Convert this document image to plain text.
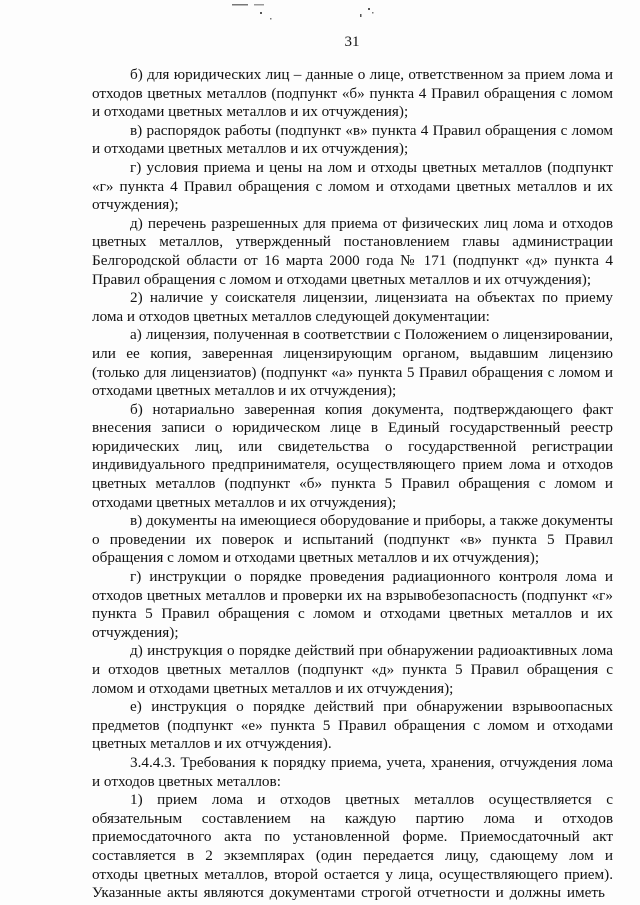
31

б) для юридических лиц – данные о лице, ответственном за прием лома и отходов цветных металлов (подпункт «б» пункта 4 Правил обращения с ломом и отходами цветных металлов и их отчуждения);

в) распорядок работы (подпункт «в» пункта 4 Правил обращения с ломом и отходами цветных металлов и их отчуждения);

г) условия приема и цены на лом и отходы цветных металлов (подпункт «г» пункта 4 Правил обращения с ломом и отходами цветных металлов и их отчуждения);

д) перечень разрешенных для приема от физических лиц лома и отходов цветных металлов, утвержденный постановлением главы администрации Белгородской области от 16 марта 2000 года № 171 (подпункт «д» пункта 4 Правил обращения с ломом и отходами цветных металлов и их отчуждения);

2) наличие у соискателя лицензии, лицензиата на объектах по приему лома и отходов цветных металлов следующей документации:

а) лицензия, полученная в соответствии с Положением о лицензировании, или ее копия, заверенная лицензирующим органом, выдавшим лицензию (только для лицензиатов) (подпункт «а» пункта 5 Правил обращения с ломом и отходами цветных металлов и их отчуждения);

б) нотариально заверенная копия документа, подтверждающего факт внесения записи о юридическом лице в Единый государственный реестр юридических лиц, или свидетельства о государственной регистрации индивидуального предпринимателя, осуществляющего прием лома и отходов цветных металлов (подпункт «б» пункта 5 Правил обращения с ломом и отходами цветных металлов и их отчуждения);

в) документы на имеющиеся оборудование и приборы, а также документы о проведении их поверок и испытаний (подпункт «в» пункта 5 Правил обращения с ломом и отходами цветных металлов и их отчуждения);

г) инструкции о порядке проведения радиационного контроля лома и отходов цветных металлов и проверки их на взрывобезопасность (подпункт «г» пункта 5 Правил обращения с ломом и отходами цветных металлов и их отчуждения);

д) инструкция о порядке действий при обнаружении радиоактивных лома и отходов цветных металлов (подпункт «д» пункта 5 Правил обращения с ломом и отходами цветных металлов и их отчуждения);

е) инструкция о порядке действий при обнаружении взрывоопасных предметов (подпункт «е» пункта 5 Правил обращения с ломом и отходами цветных металлов и их отчуждения).

3.4.4.3. Требования к порядку приема, учета, хранения, отчуждения лома и отходов цветных металлов:

1) прием лома и отходов цветных металлов осуществляется с обязательным составлением на каждую партию лома и отходов приемосдаточного акта по установленной форме. Приемосдаточный акт составляется в 2 экземплярах (один передается лицу, сдающему лом и отходы цветных металлов, второй остается у лица, осуществляющего прием). Указанные акты являются документами строгой отчетности и должны иметь
